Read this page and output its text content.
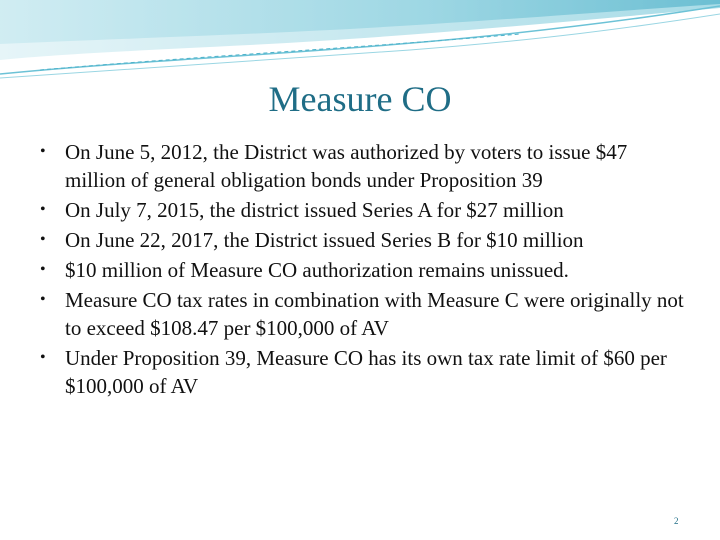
Measure CO
• On June 5, 2012, the District was authorized by voters to issue $47 million of general obligation bonds under Proposition 39
• On July 7, 2015, the district issued Series A for $27 million
• On June 22, 2017, the District issued Series B for $10 million
• $10 million of Measure CO authorization remains unissued.
• Measure CO tax rates in combination with Measure C were originally not to exceed $108.47 per $100,000 of AV
• Under Proposition 39, Measure CO has its own tax rate limit of $60 per $100,000 of AV
2
